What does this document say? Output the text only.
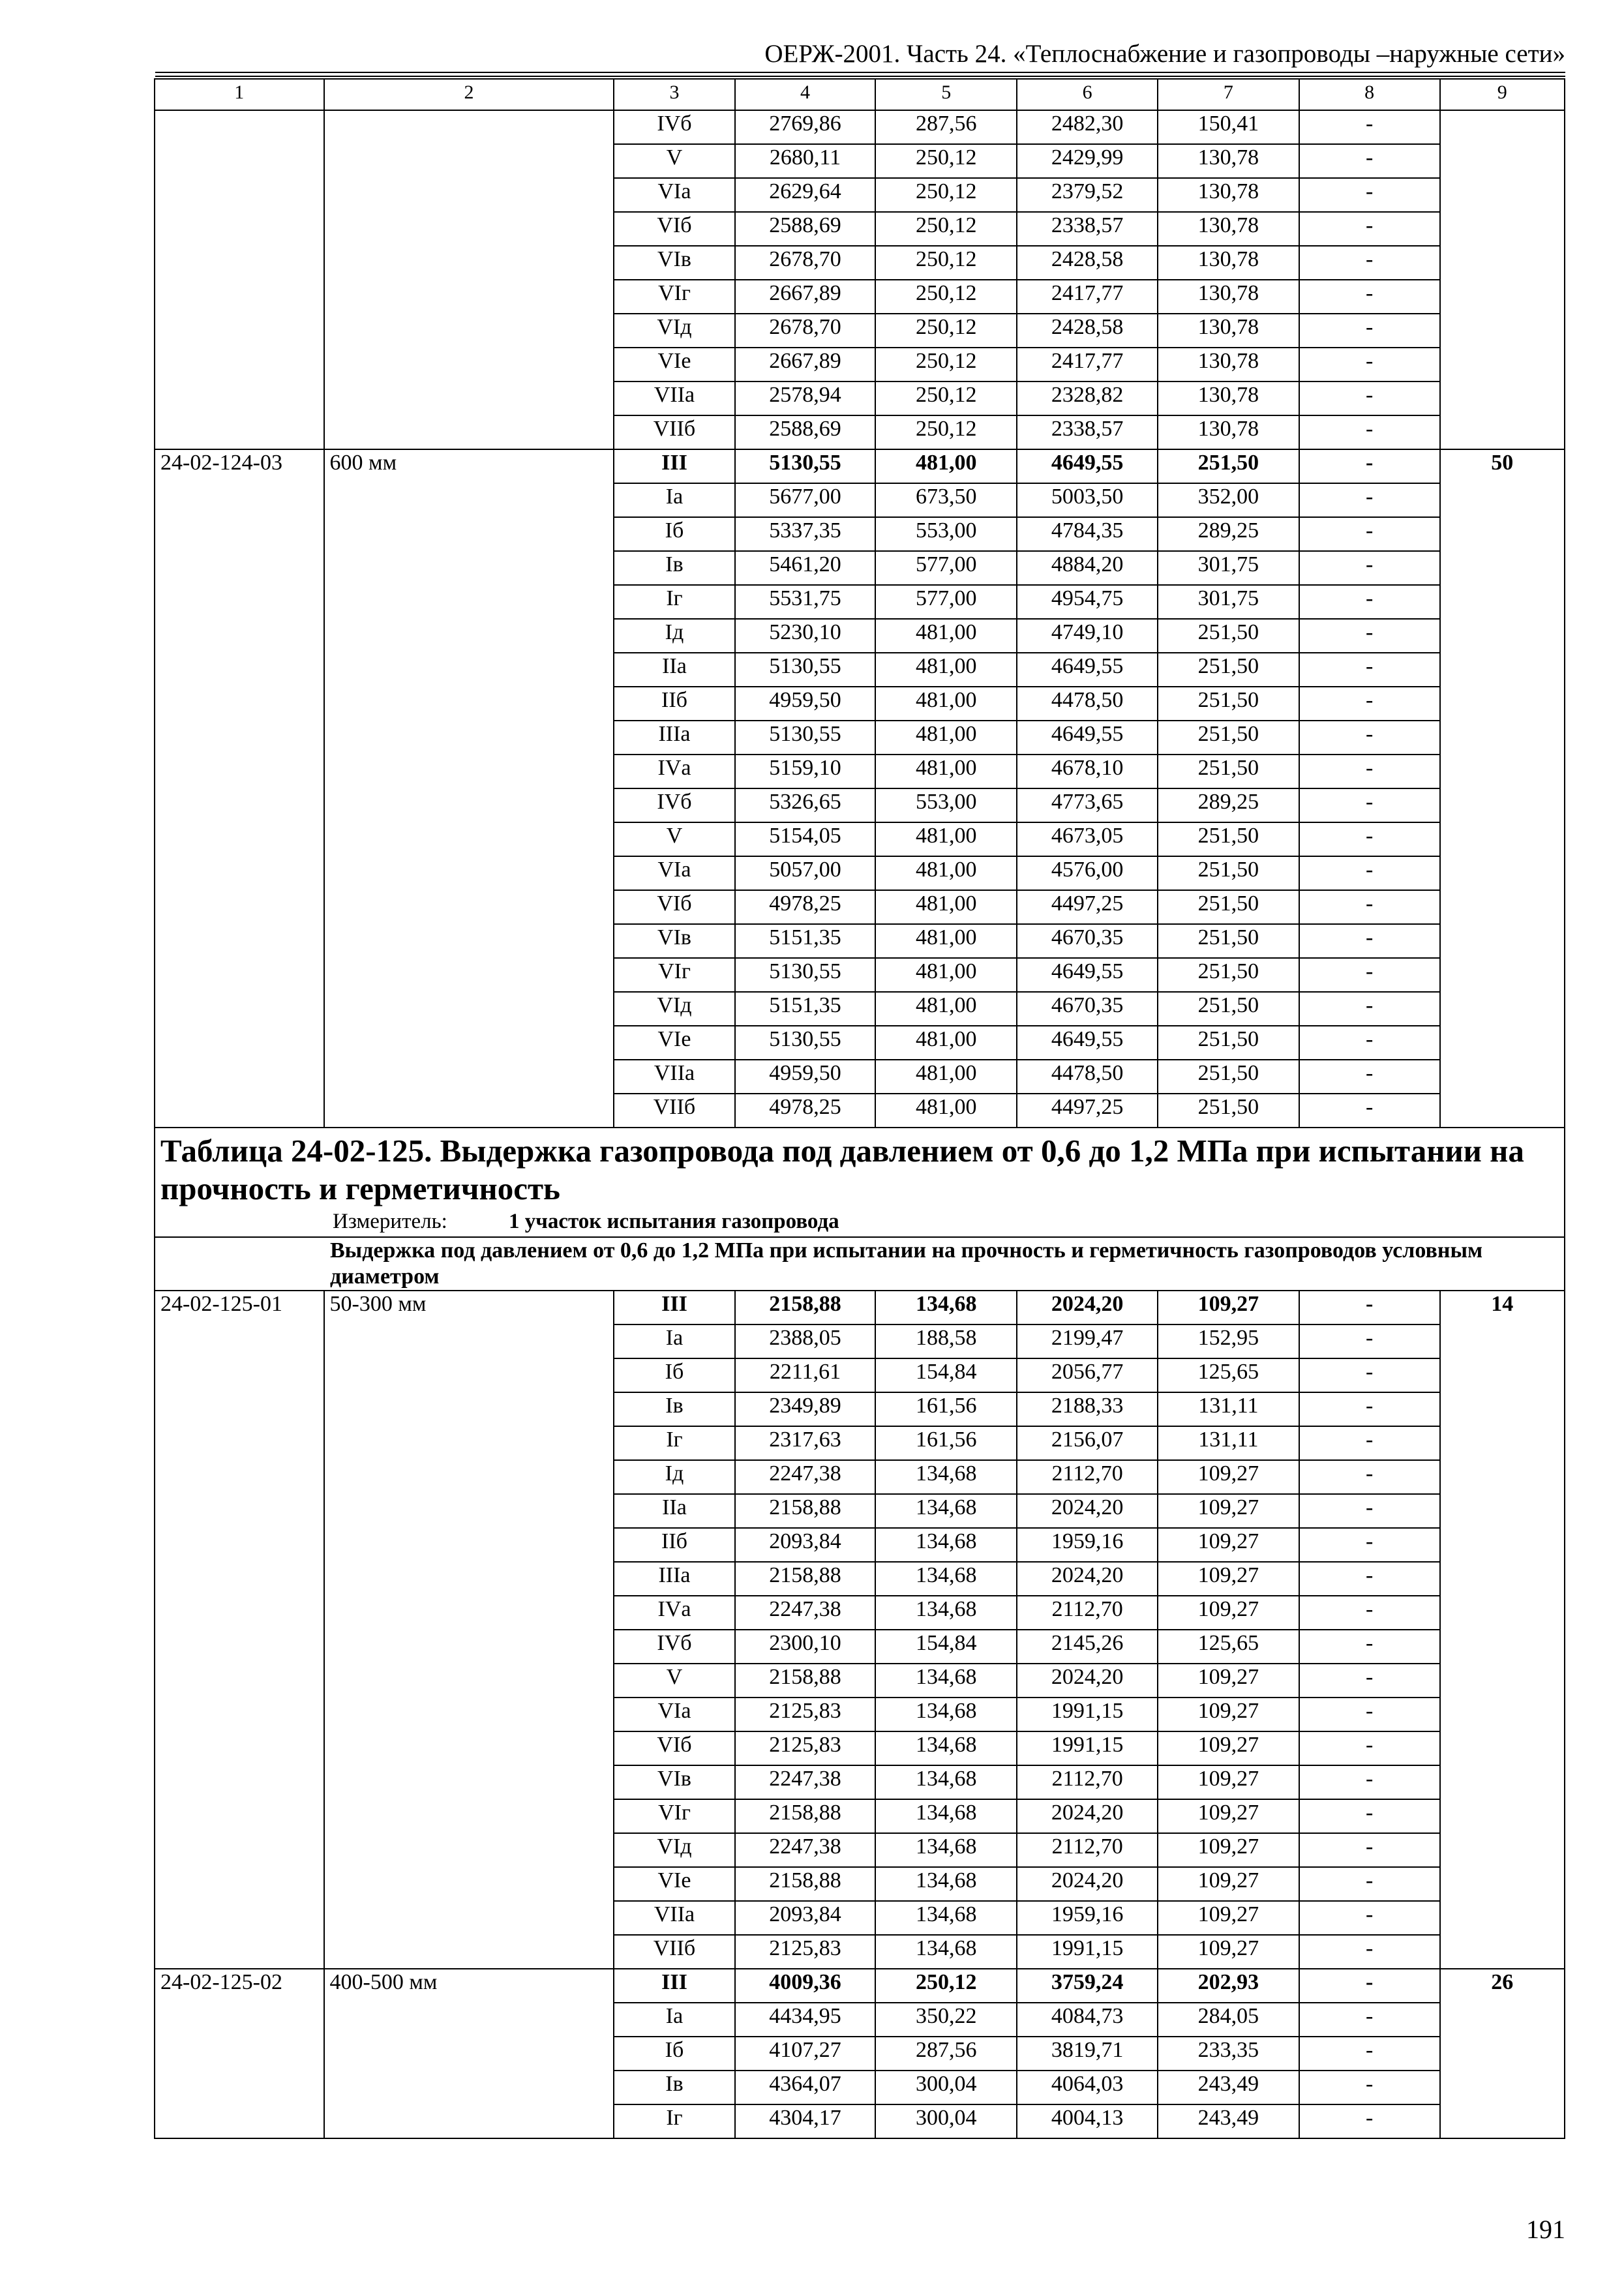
ОЕРЖ-2001. Часть 24. «Теплоснабжение и газопроводы –наружные сети»
1	2	3	4	5	6	7	8	9
		IVб	2769,86	287,56	2482,30	150,41	-	
		V	2680,11	250,12	2429,99	130,78	-	
		VIа	2629,64	250,12	2379,52	130,78	-	
		VIб	2588,69	250,12	2338,57	130,78	-	
		VIв	2678,70	250,12	2428,58	130,78	-	
		VIг	2667,89	250,12	2417,77	130,78	-	
		VIд	2678,70	250,12	2428,58	130,78	-	
		VIе	2667,89	250,12	2417,77	130,78	-	
		VIIа	2578,94	250,12	2328,82	130,78	-	
		VIIб	2588,69	250,12	2338,57	130,78	-	
24-02-124-03	600 мм	III	5130,55	481,00	4649,55	251,50	-	50
		Iа	5677,00	673,50	5003,50	352,00	-	
		Iб	5337,35	553,00	4784,35	289,25	-	
		Iв	5461,20	577,00	4884,20	301,75	-	
		Iг	5531,75	577,00	4954,75	301,75	-	
		Iд	5230,10	481,00	4749,10	251,50	-	
		IIа	5130,55	481,00	4649,55	251,50	-	
		IIб	4959,50	481,00	4478,50	251,50	-	
		IIIа	5130,55	481,00	4649,55	251,50	-	
		IVа	5159,10	481,00	4678,10	251,50	-	
		IVб	5326,65	553,00	4773,65	289,25	-	
		V	5154,05	481,00	4673,05	251,50	-	
		VIа	5057,00	481,00	4576,00	251,50	-	
		VIб	4978,25	481,00	4497,25	251,50	-	
		VIв	5151,35	481,00	4670,35	251,50	-	
		VIг	5130,55	481,00	4649,55	251,50	-	
		VIд	5151,35	481,00	4670,35	251,50	-	
		VIе	5130,55	481,00	4649,55	251,50	-	
		VIIа	4959,50	481,00	4478,50	251,50	-	
		VIIб	4978,25	481,00	4497,25	251,50	-	

Таблица 24-02-125. Выдержка газопровода под давлением от 0,6 до 1,2 МПа при испытании на прочность и герметичность
Измеритель: 1 участок испытания газопровода								

Выдержка под давлением от 0,6 до 1,2 МПа при испытании на прочность и герметичность газопроводов условным диаметром								
24-02-125-01	50-300 мм	III	2158,88	134,68	2024,20	109,27	-	14
		Iа	2388,05	188,58	2199,47	152,95	-	
		Iб	2211,61	154,84	2056,77	125,65	-	
		Iв	2349,89	161,56	2188,33	131,11	-	
		Iг	2317,63	161,56	2156,07	131,11	-	
		Iд	2247,38	134,68	2112,70	109,27	-	
		IIа	2158,88	134,68	2024,20	109,27	-	
		IIб	2093,84	134,68	1959,16	109,27	-	
		IIIа	2158,88	134,68	2024,20	109,27	-	
		IVа	2247,38	134,68	2112,70	109,27	-	
		IVб	2300,10	154,84	2145,26	125,65	-	
		V	2158,88	134,68	2024,20	109,27	-	
		VIа	2125,83	134,68	1991,15	109,27	-	
		VIб	2125,83	134,68	1991,15	109,27	-	
		VIв	2247,38	134,68	2112,70	109,27	-	
		VIг	2158,88	134,68	2024,20	109,27	-	
		VIд	2247,38	134,68	2112,70	109,27	-	
		VIе	2158,88	134,68	2024,20	109,27	-	
		VIIа	2093,84	134,68	1959,16	109,27	-	
		VIIб	2125,83	134,68	1991,15	109,27	-	
24-02-125-02	400-500 мм	III	4009,36	250,12	3759,24	202,93	-	26
		Iа	4434,95	350,22	4084,73	284,05	-	
		Iб	4107,27	287,56	3819,71	233,35	-	
		Iв	4364,07	300,04	4064,03	243,49	-	
		Iг	4304,17	300,04	4004,13	243,49	-	
191
